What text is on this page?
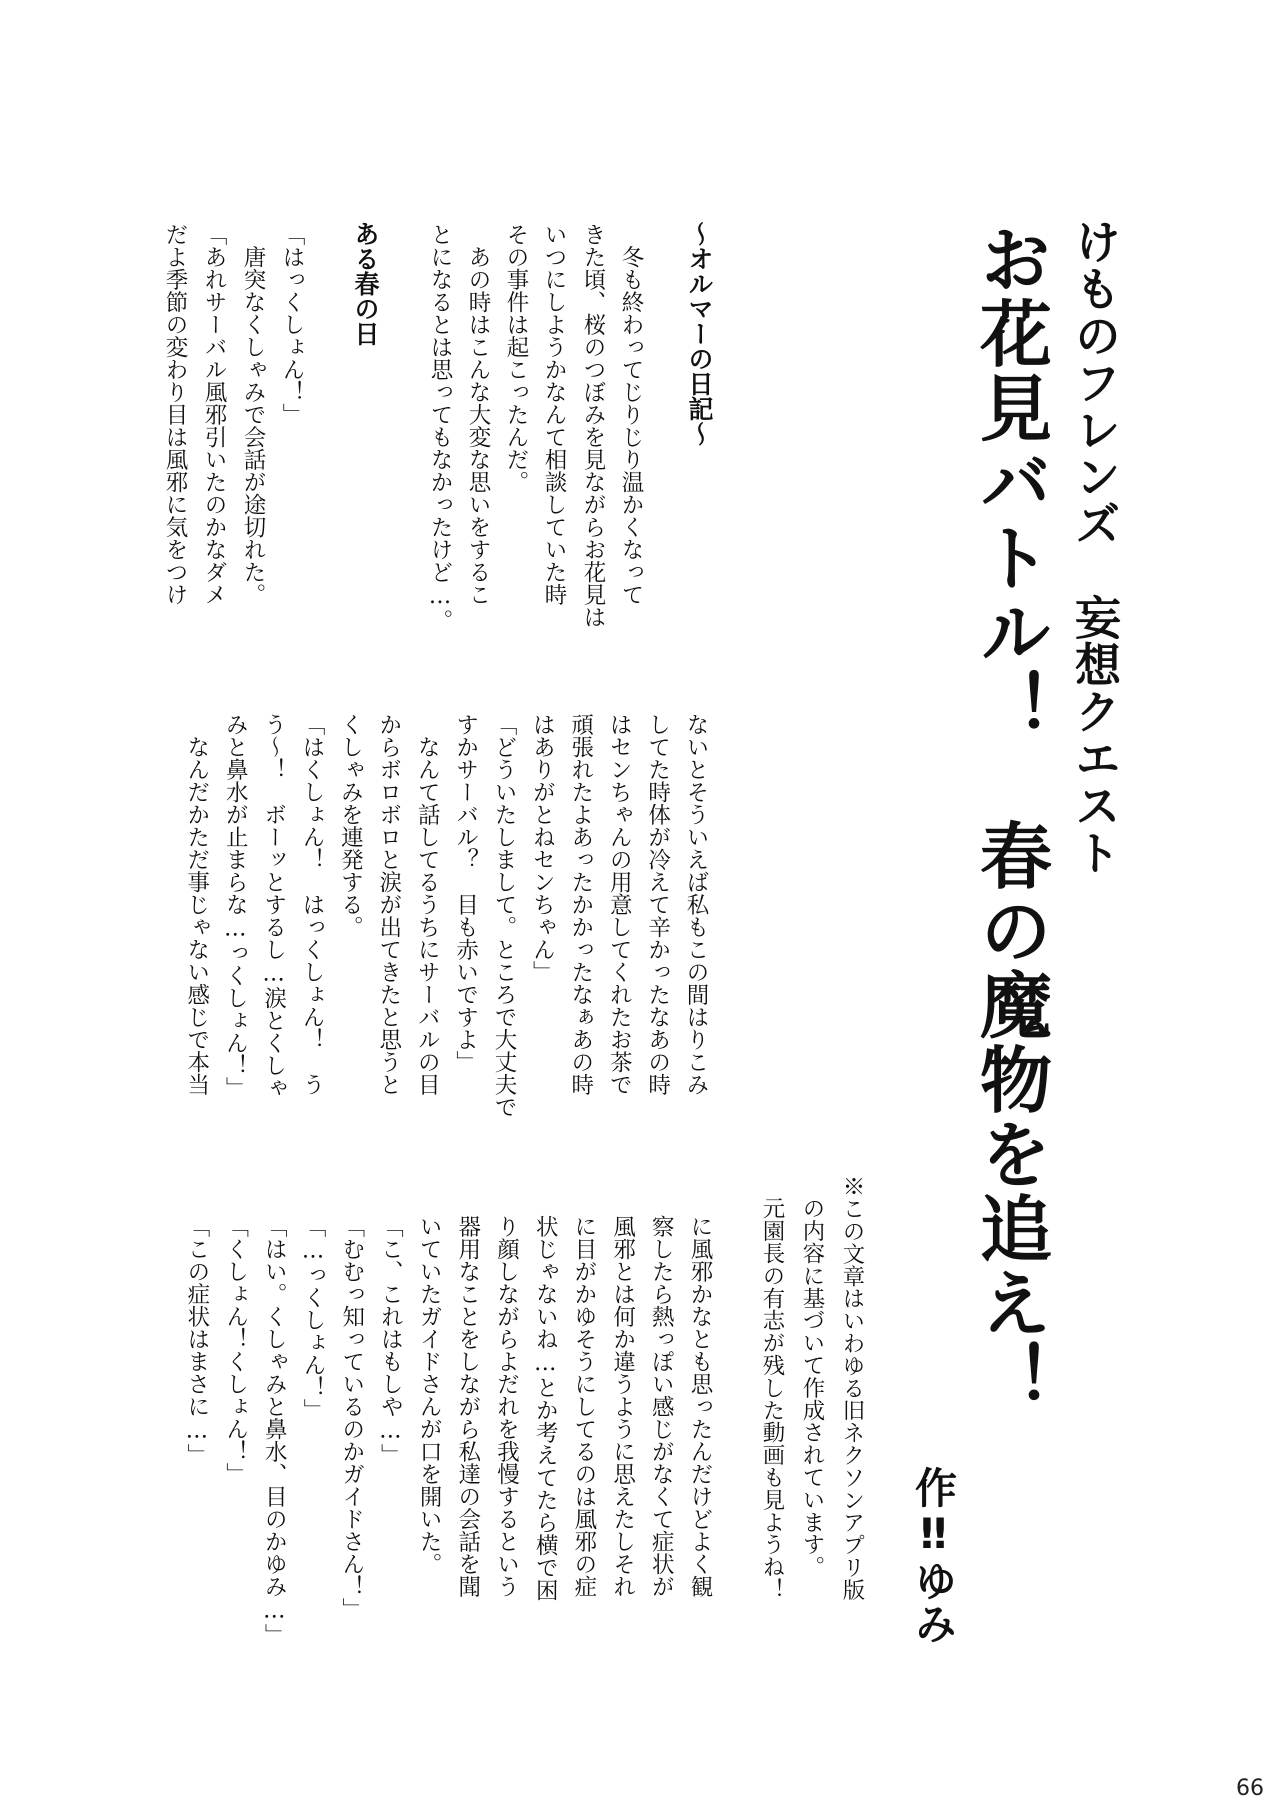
けものフレンズ　妄想クエスト
お花見バトル！　春の魔物を追え！
作‼ゆみ
〜オルマーの日記〜
　冬も終わってじりじり温かくなって
きた頃、桜のつぼみを見ながらお花見は
いつにしようかなんて相談していた時
その事件は起こったんだ。
　あの時はこんな大変な思いをするこ
とになるとは思ってもなかったけど…。
ある春の日
「はっくしょん！」
　唐突なくしゃみで会話が途切れた。
「あれサーバル風邪引いたのかなダメ
だよ季節の変わり目は風邪に気をつけ
ないとそういえば私もこの間はりこみ
してた時体が冷えて辛かったなあの時
はセンちゃんの用意してくれたお茶で
頑張れたよあったかかったなぁあの時
はありがとねセンちゃん」
「どういたしまして。ところで大丈夫で
すかサーバル？　目も赤いですよ」
　なんて話してるうちにサーバルの目
からボロボロと涙が出てきたと思うと
くしゃみを連発する。
「はくしょん！　はっくしょん！　う
う〜！　ボーッとするし…涙とくしゃ
みと鼻水が止まらな…っくしょん！」
　なんだかただ事じゃない感じで本当
※この文章はいわゆる旧ネクソンアプリ版
の内容に基づいて作成されています。
元園長の有志が残した動画も見ようね！
に風邪かなとも思ったんだけどよく観
察したら熱っぽい感じがなくて症状が
風邪とは何か違うように思えたしそれ
に目がかゆそうにしてるのは風邪の症
状じゃないね…とか考えてたら横で困
り顔しながらよだれを我慢するという
器用なことをしながら私達の会話を聞
いていたガイドさんが口を開いた。
「こ、これはもしや…」
「むむっ知っているのかガイドさん！」
「…っくしょん！」
「はい。くしゃみと鼻水、目のかゆみ…」
「くしょん！くしょん！」
「この症状はまさに…」
66
